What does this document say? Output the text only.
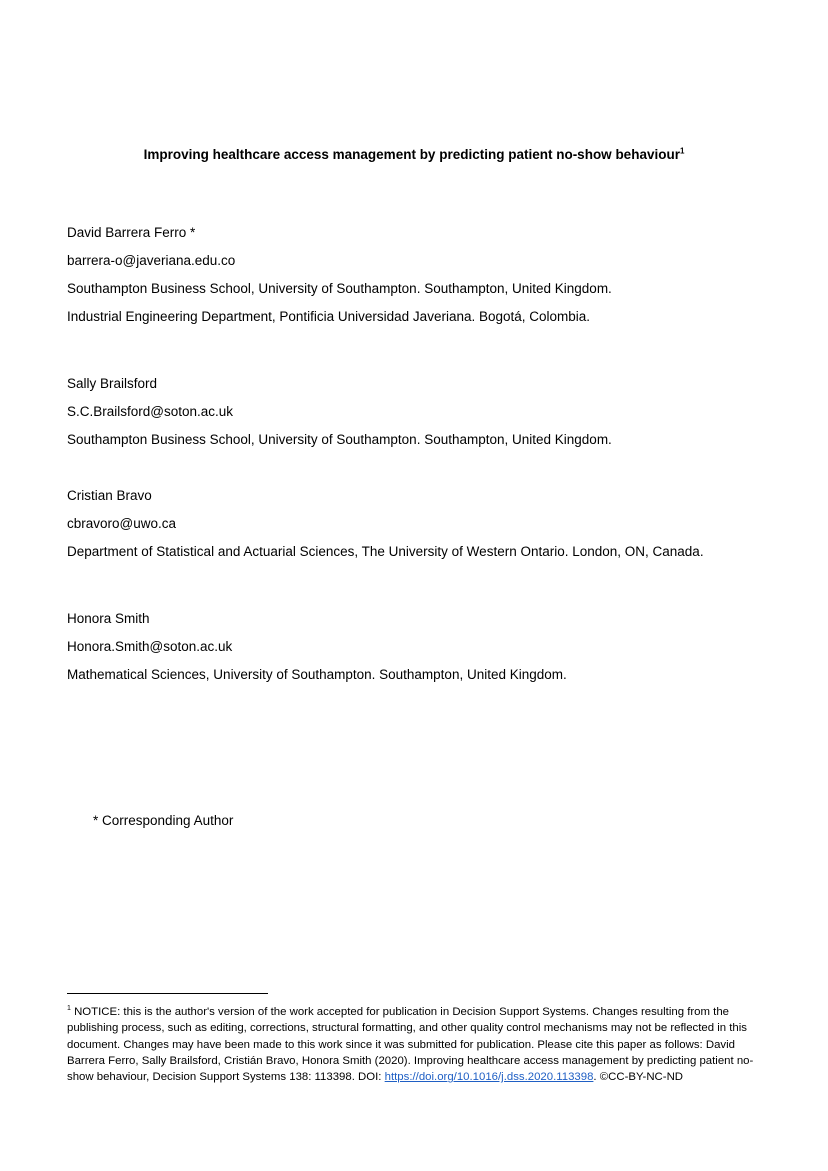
Improving healthcare access management by predicting patient no-show behaviour$^1$
David Barrera Ferro *
barrera-o@javeriana.edu.co
Southampton Business School, University of Southampton. Southampton, United Kingdom.
Industrial Engineering Department, Pontificia Universidad Javeriana. Bogotá, Colombia.
Sally Brailsford
S.C.Brailsford@soton.ac.uk
Southampton Business School, University of Southampton. Southampton, United Kingdom.
Cristian Bravo
cbravoro@uwo.ca
Department of Statistical and Actuarial Sciences, The University of Western Ontario. London, ON, Canada.
Honora Smith
Honora.Smith@soton.ac.uk
Mathematical Sciences, University of Southampton. Southampton, United Kingdom.
* Corresponding Author
$^1$ NOTICE: this is the author's version of the work accepted for publication in Decision Support Systems. Changes resulting from the publishing process, such as editing, corrections, structural formatting, and other quality control mechanisms may not be reflected in this document. Changes may have been made to this work since it was submitted for publication. Please cite this paper as follows: David Barrera Ferro, Sally Brailsford, Cristián Bravo, Honora Smith (2020). Improving healthcare access management by predicting patient no-show behaviour, Decision Support Systems 138: 113398. DOI: https://doi.org/10.1016/j.dss.2020.113398. ©CC-BY-NC-ND
